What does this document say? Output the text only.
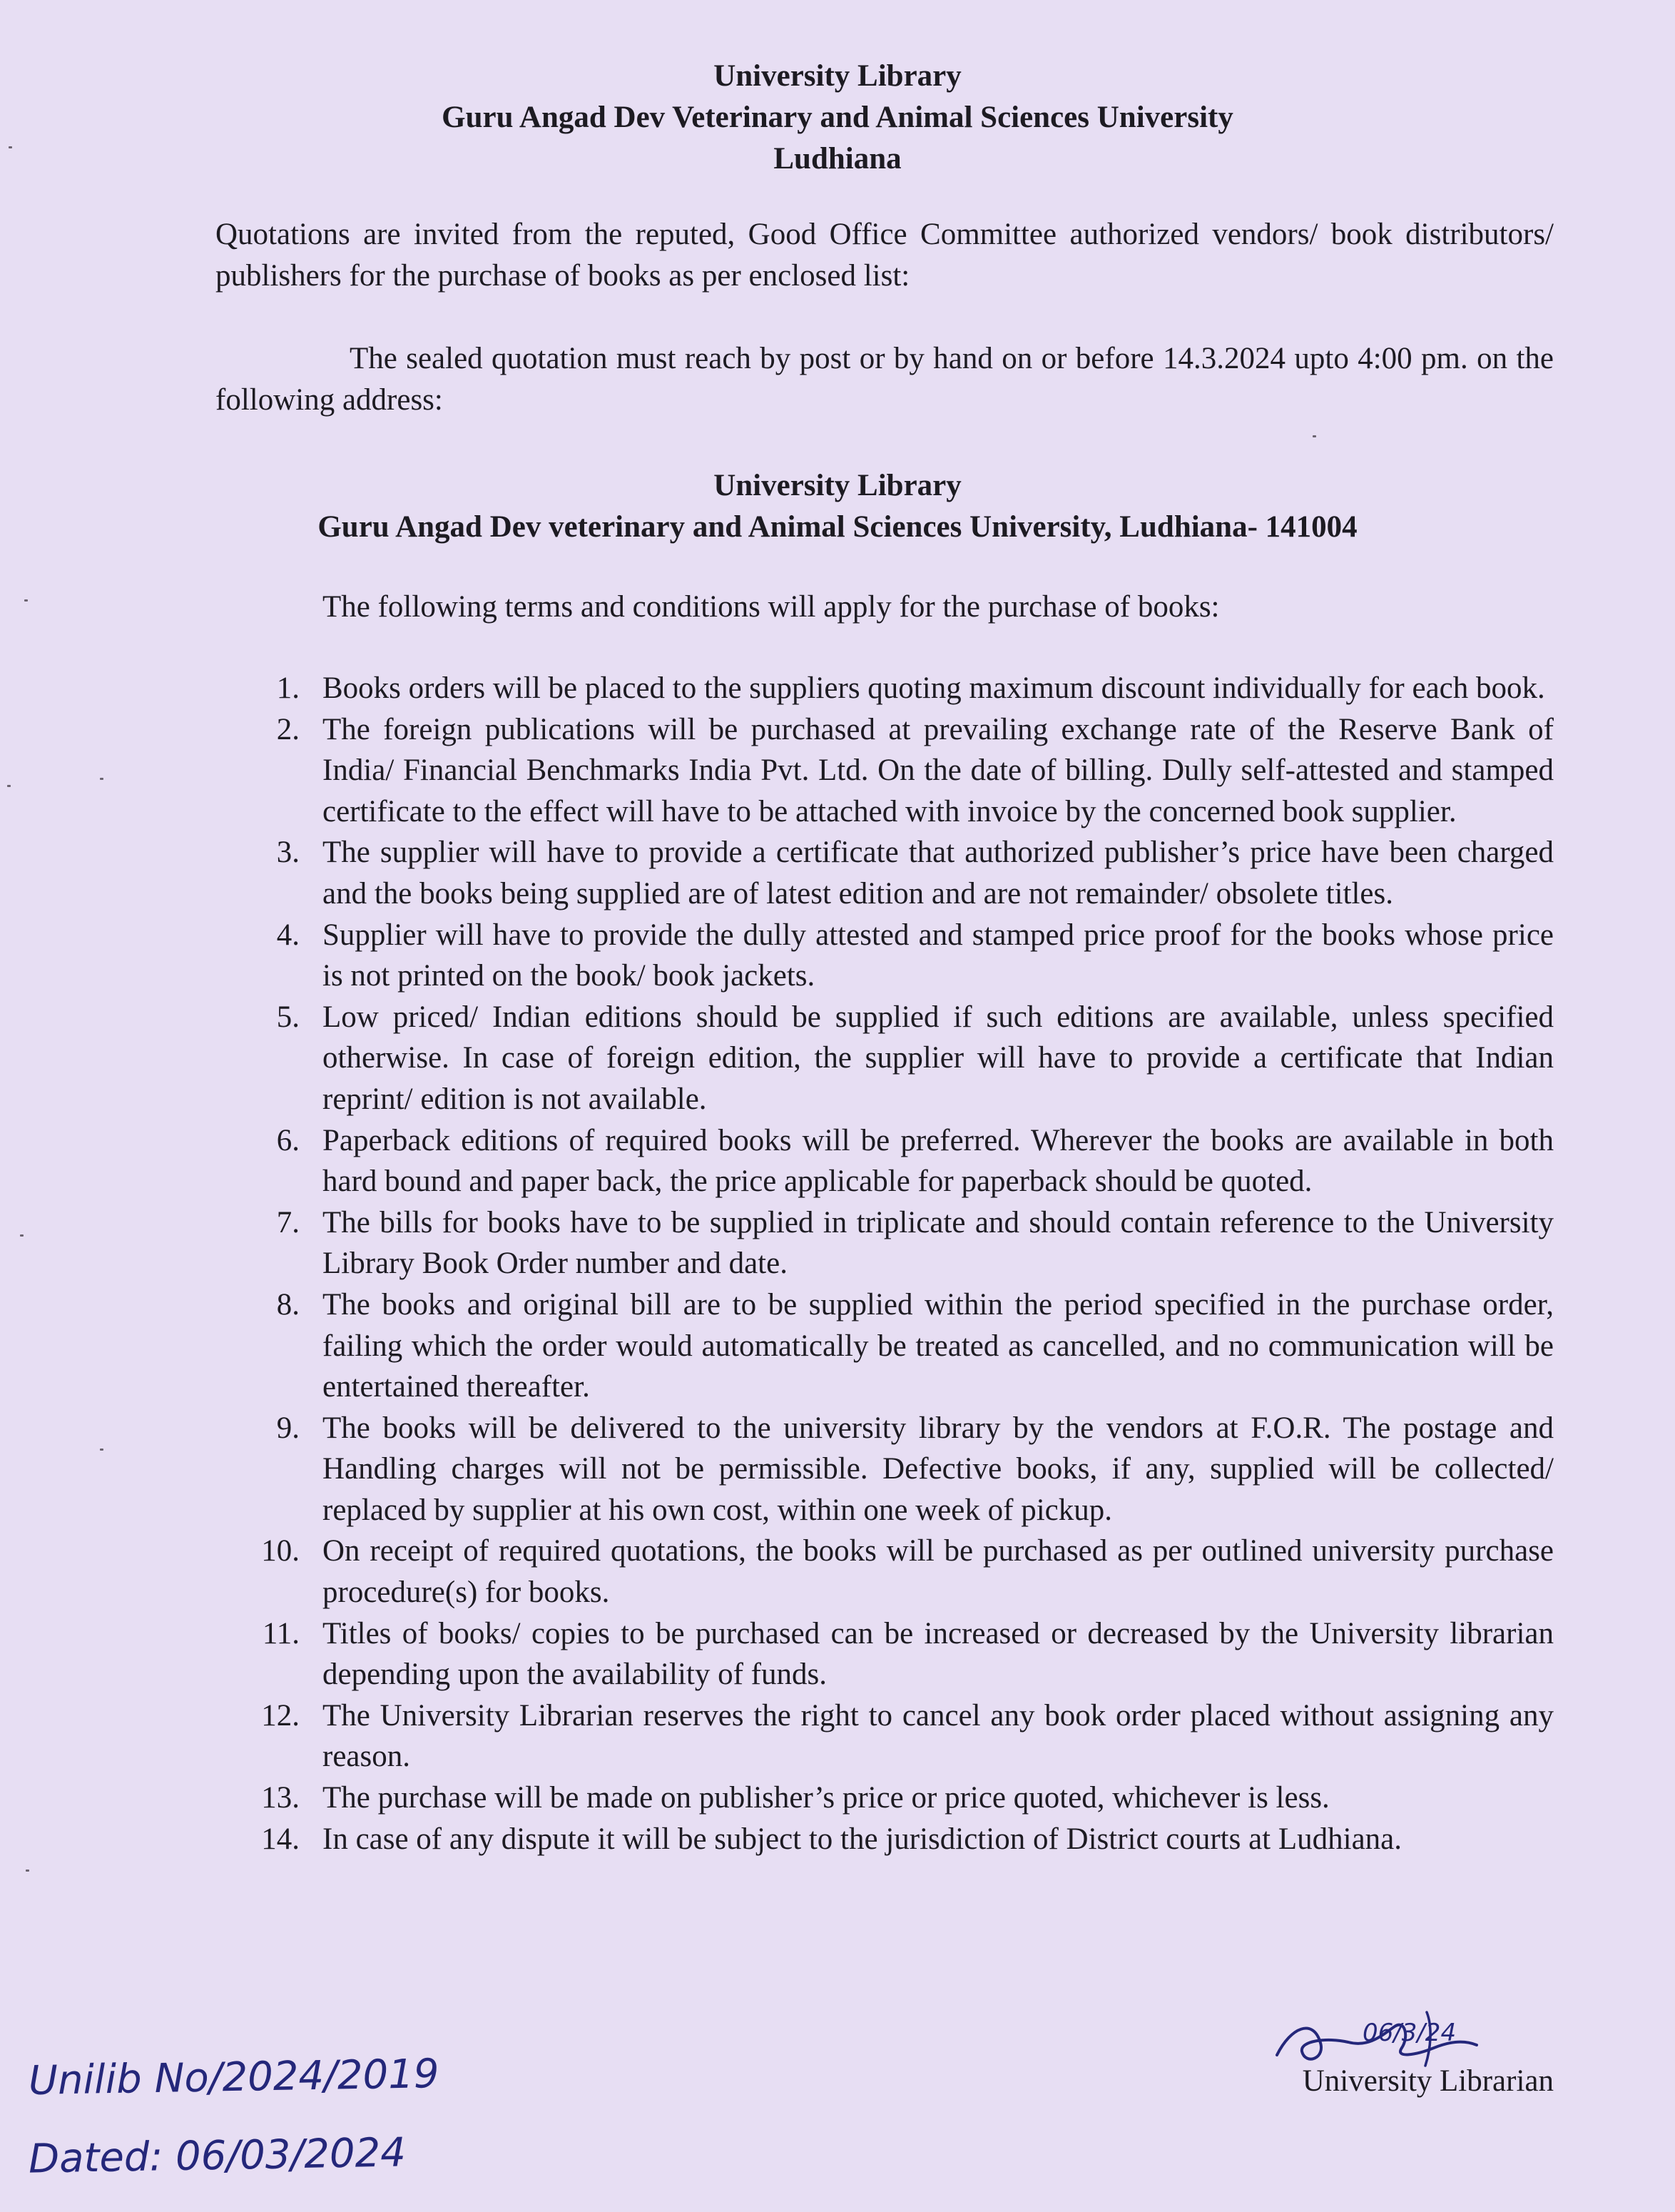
University Library
Guru Angad Dev Veterinary and Animal Sciences University
Ludhiana
Quotations are invited from the reputed, Good Office Committee authorized vendors/ book distributors/ publishers for the purchase of books as per enclosed list:
The sealed quotation must reach by post or by hand on or before 14.3.2024 upto 4:00 pm. on the following address:
University Library
Guru Angad Dev veterinary and Animal Sciences University, Ludhiana- 141004
The following terms and conditions will apply for the purchase of books:
1. Books orders will be placed to the suppliers quoting maximum discount individually for each book.
2. The foreign publications will be purchased at prevailing exchange rate of the Reserve Bank of India/ Financial Benchmarks India Pvt. Ltd. On the date of billing. Dully self-attested and stamped certificate to the effect will have to be attached with invoice by the concerned book supplier.
3. The supplier will have to provide a certificate that authorized publisher’s price have been charged and the books being supplied are of latest edition and are not remainder/ obsolete titles.
4. Supplier will have to provide the dully attested and stamped price proof for the books whose price is not printed on the book/ book jackets.
5. Low priced/ Indian editions should be supplied if such editions are available, unless specified otherwise. In case of foreign edition, the supplier will have to provide a certificate that Indian reprint/ edition is not available.
6. Paperback editions of required books will be preferred. Wherever the books are available in both hard bound and paper back, the price applicable for paperback should be quoted.
7. The bills for books have to be supplied in triplicate and should contain reference to the University Library Book Order number and date.
8. The books and original bill are to be supplied within the period specified in the purchase order, failing which the order would automatically be treated as cancelled, and no communication will be entertained thereafter.
9. The books will be delivered to the university library by the vendors at F.O.R. The postage and Handling charges will not be permissible. Defective books, if any, supplied will be collected/ replaced by supplier at his own cost, within one week of pickup.
10. On receipt of required quotations, the books will be purchased as per outlined university purchase procedure(s) for books.
11. Titles of books/ copies to be purchased can be increased or decreased by the University librarian depending upon the availability of funds.
12. The University Librarian reserves the right to cancel any book order placed without assigning any reason.
13. The purchase will be made on publisher’s price or price quoted, whichever is less.
14. In case of any dispute it will be subject to the jurisdiction of District courts at Ludhiana.
06/3/24
University Librarian
Unilib No/2024/2019
Dated: 06/03/2024
